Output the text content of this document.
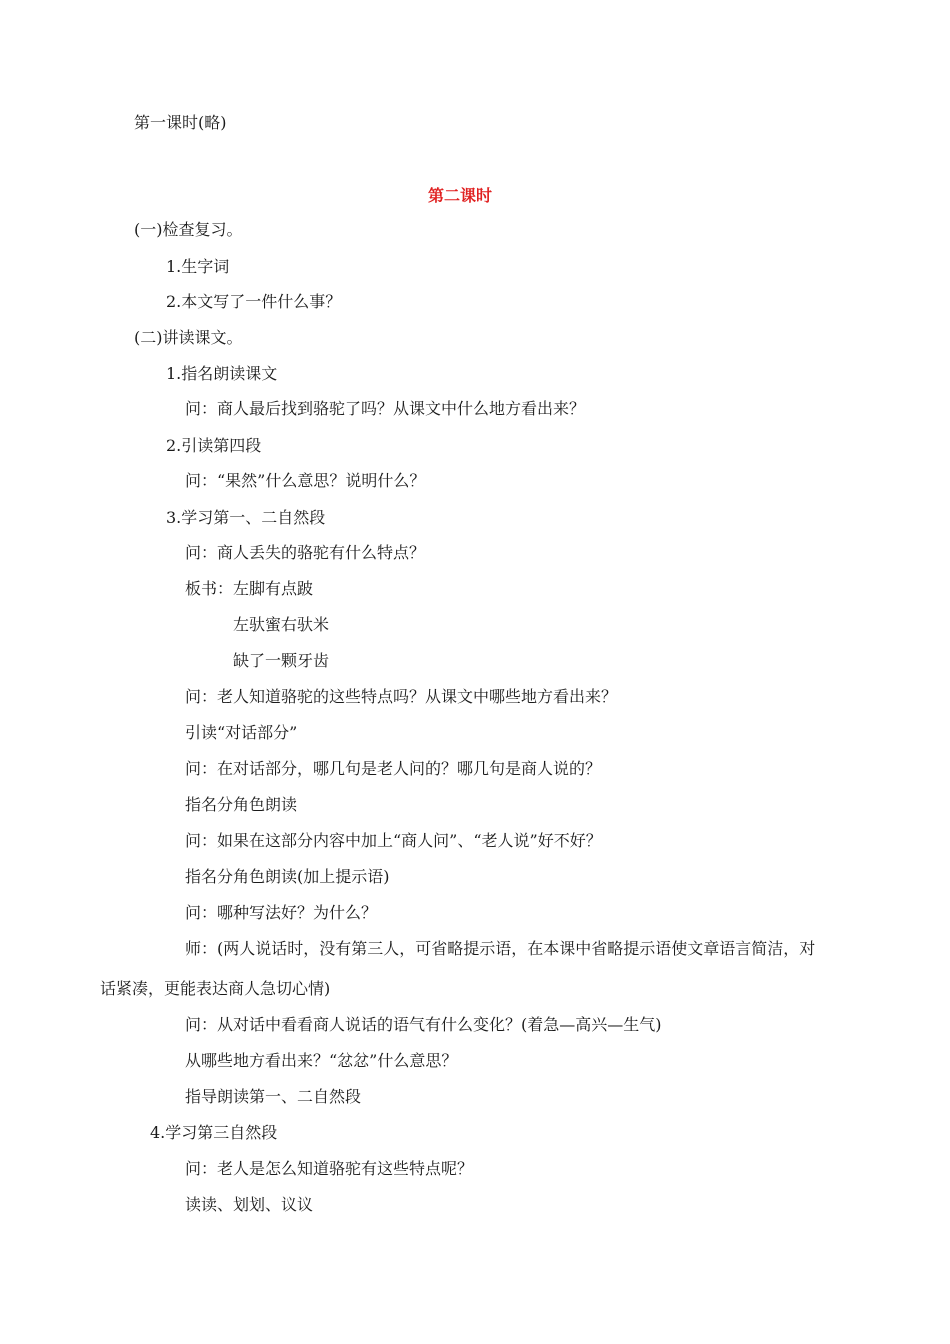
第一课时(略)
第二课时
(一)检查复习。
1.生字词
2.本文写了一件什么事？
(二)讲读课文。
1.指名朗读课文
问：商人最后找到骆驼了吗？从课文中什么地方看出来？
2.引读第四段
问：“果然”什么意思？说明什么？
3.学习第一、二自然段
问：商人丢失的骆驼有什么特点？
板书：左脚有点跛
左驮蜜右驮米
缺了一颗牙齿
问：老人知道骆驼的这些特点吗？从课文中哪些地方看出来？
引读“对话部分”
问：在对话部分，哪几句是老人问的？哪几句是商人说的？
指名分角色朗读
问：如果在这部分内容中加上“商人问”、“老人说”好不好？
指名分角色朗读(加上提示语)
问：哪种写法好？为什么？
师：(两人说话时，没有第三人，可省略提示语，在本课中省略提示语使文章语言简洁，对
话紧凑，更能表达商人急切心情)
问：从对话中看看商人说话的语气有什么变化？(着急—高兴—生气)
从哪些地方看出来？“忿忿”什么意思？
指导朗读第一、二自然段
4.学习第三自然段
问：老人是怎么知道骆驼有这些特点呢？
读读、划划、议议
